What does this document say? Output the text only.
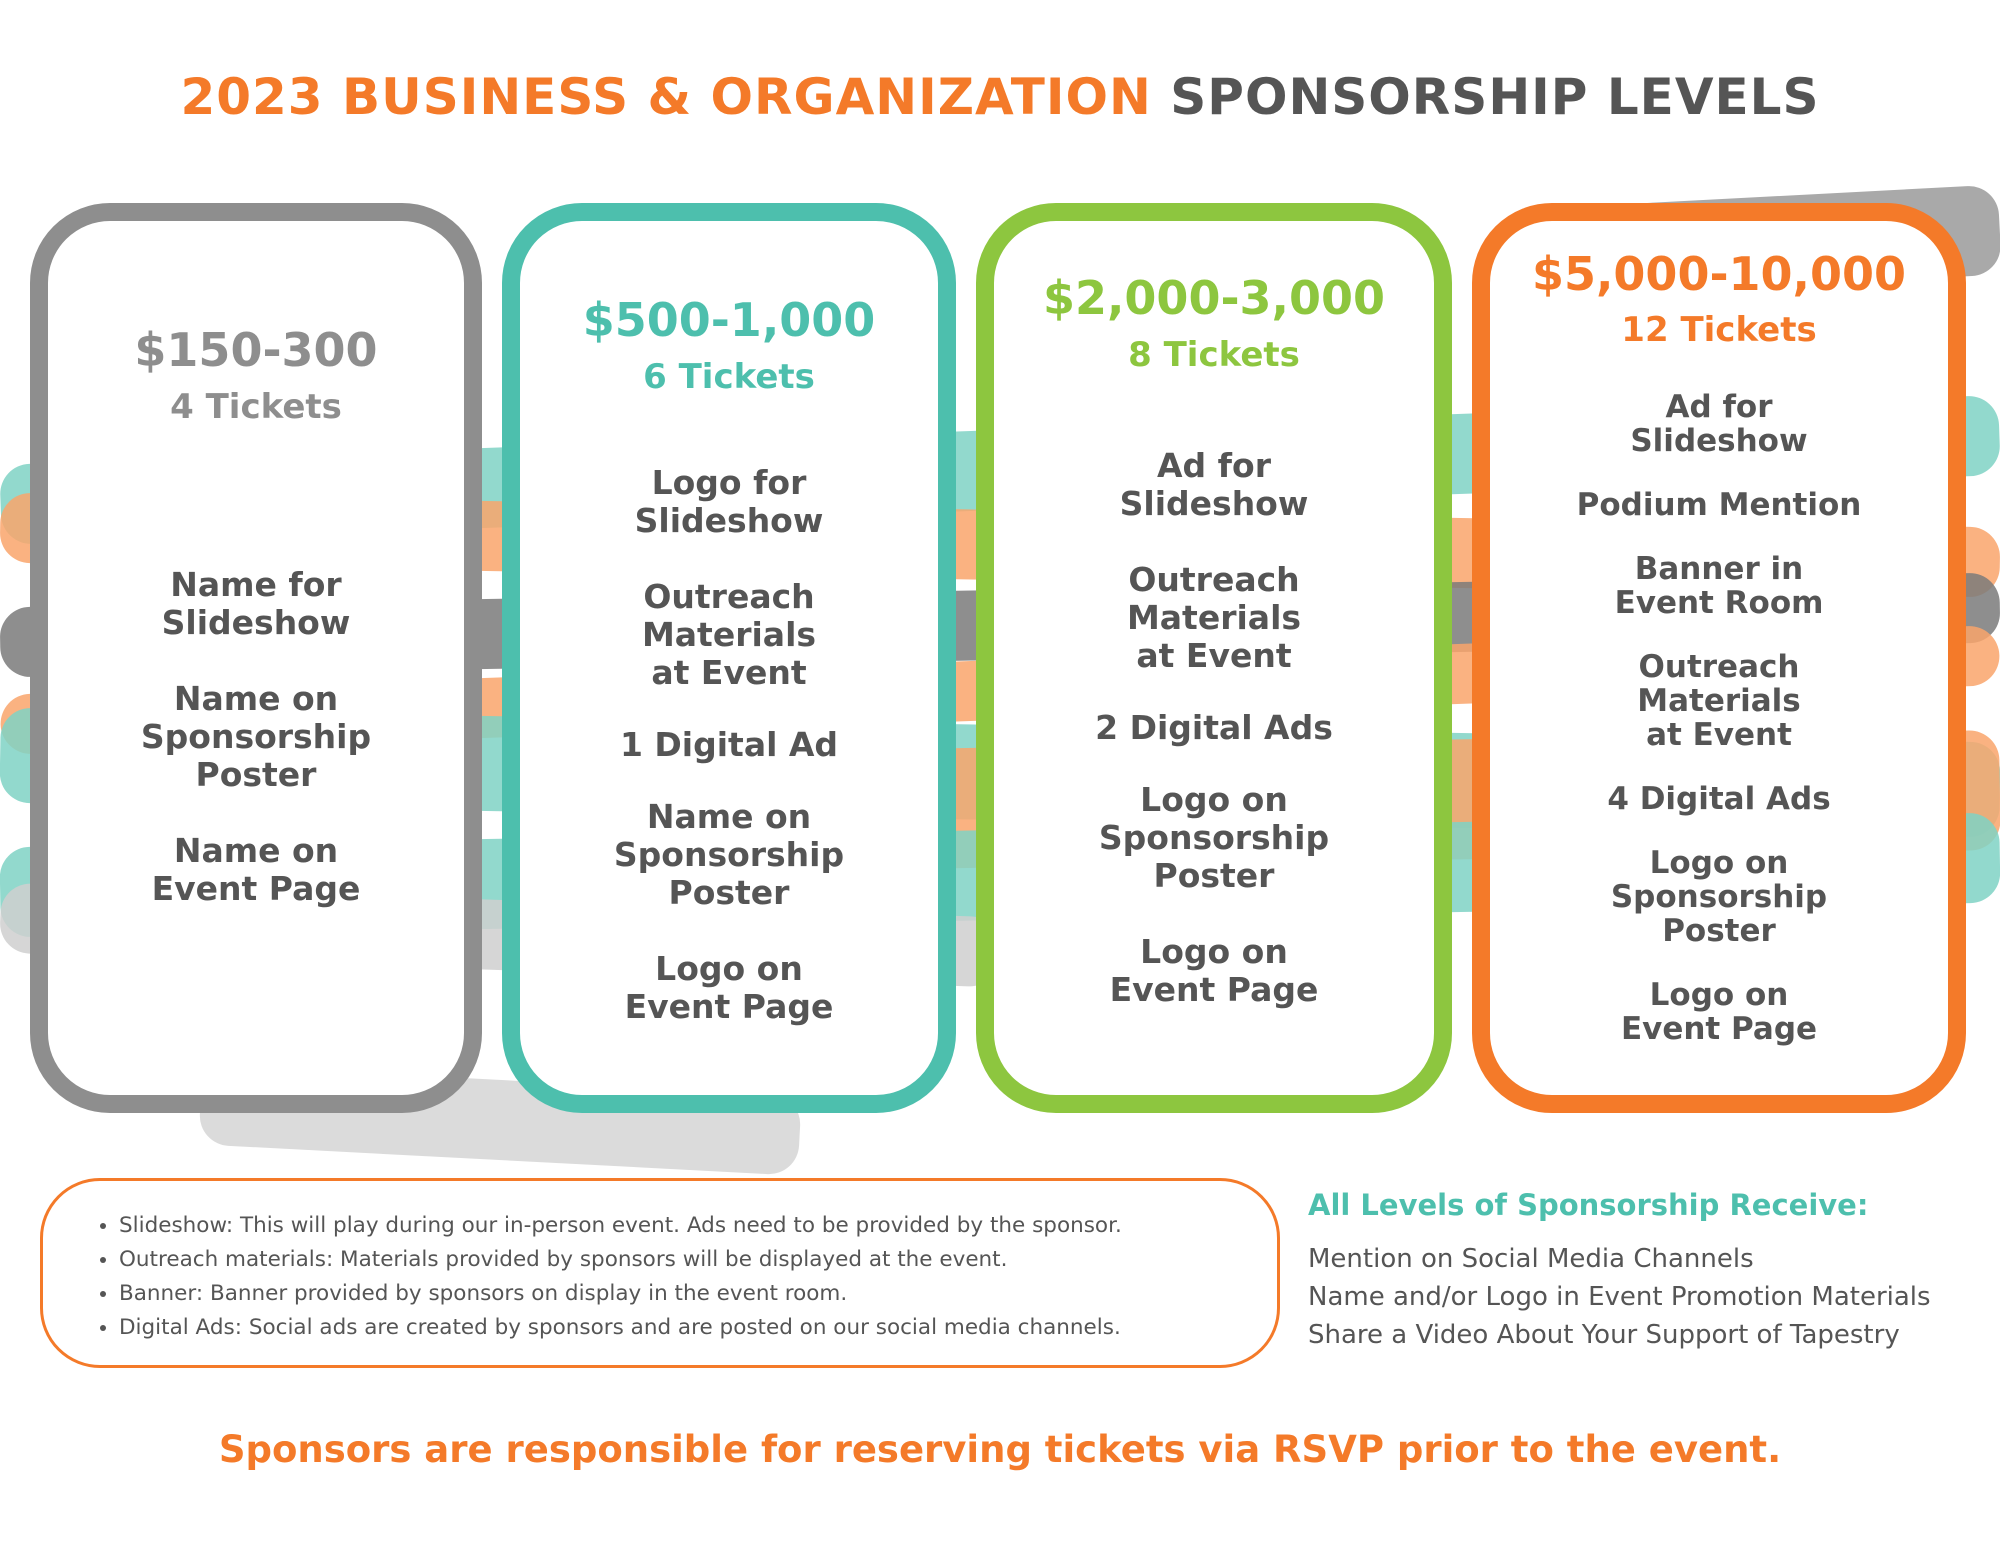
2023 BUSINESS & ORGANIZATION SPONSORSHIP LEVELS
$150-300
4 Tickets
Name for
Slideshow
Name on
Sponsorship
Poster
Name on
Event Page
$500-1,000
6 Tickets
Logo for
Slideshow
Outreach
Materials
at Event
1 Digital Ad
Name on
Sponsorship
Poster
Logo on
Event Page
$2,000-3,000
8 Tickets
Ad for
Slideshow
Outreach
Materials
at Event
2 Digital Ads
Logo on
Sponsorship
Poster
Logo on
Event Page
$5,000-10,000
12 Tickets
Ad for
Slideshow
Podium Mention
Banner in
Event Room
Outreach
Materials
at Event
4 Digital Ads
Logo on
Sponsorship
Poster
Logo on
Event Page
• Slideshow: This will play during our in-person event. Ads need to be provided by the sponsor.
• Outreach materials: Materials provided by sponsors will be displayed at the event.
• Banner: Banner provided by sponsors on display in the event room.
• Digital Ads: Social ads are created by sponsors and are posted on our social media channels.
All Levels of Sponsorship Receive:
Mention on Social Media Channels
Name and/or Logo in Event Promotion Materials
Share a Video About Your Support of Tapestry
Sponsors are responsible for reserving tickets via RSVP prior to the event.
